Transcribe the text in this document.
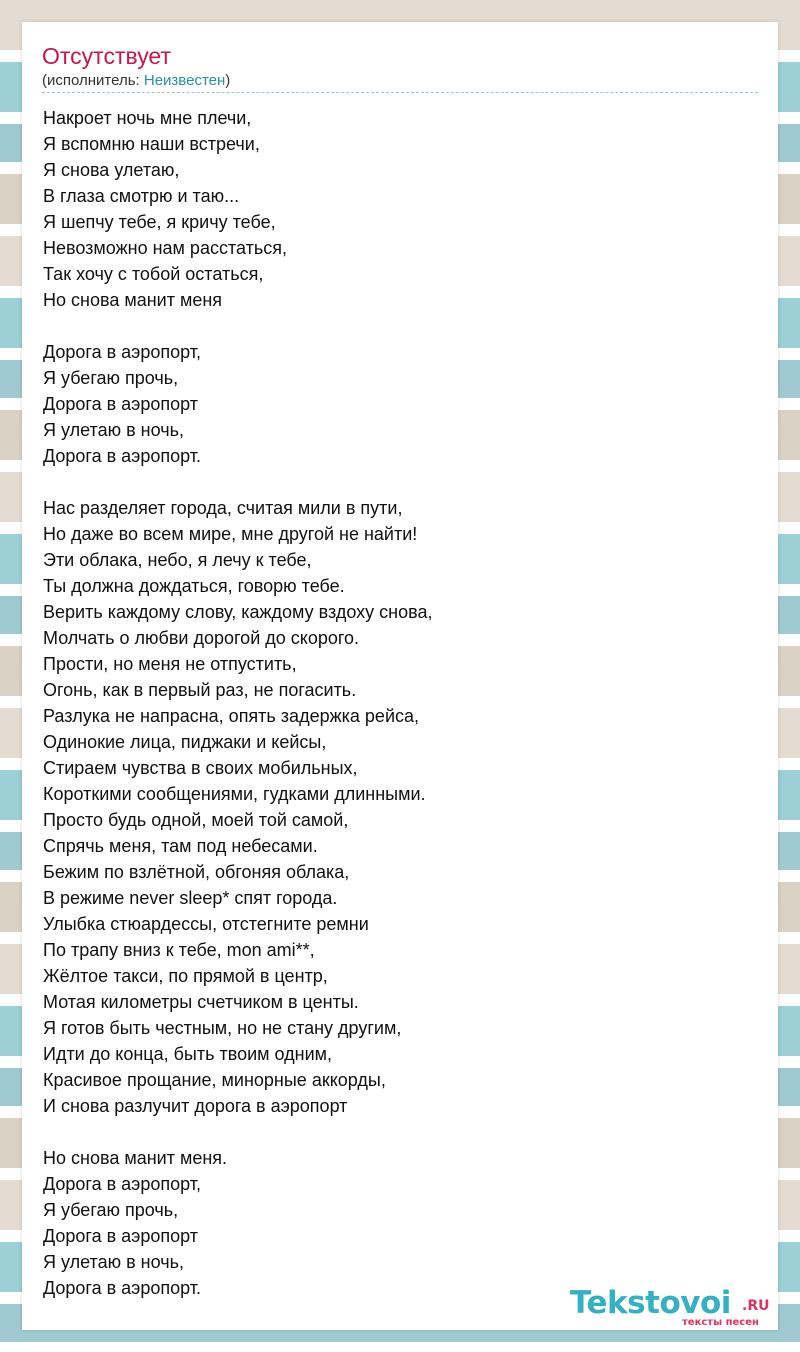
Отсутствует
(исполнитель: Неизвестен)
Накроет ночь мне плечи,
Я вспомню наши встречи,
Я снова улетаю,
В глаза смотрю и таю...
Я шепчу тебе, я кричу тебе,
Невозможно нам расстаться,
Так хочу с тобой остаться,
Но снова манит меня
Дорога в аэропорт,
Я убегаю прочь,
Дорога в аэропорт
Я улетаю в ночь,
Дорога в аэропорт.
Нас разделяет города, считая мили в пути,
Но даже во всем мире, мне другой не найти!
Эти облака, небо, я лечу к тебе,
Ты должна дождаться, говорю тебе.
Верить каждому слову, каждому вздоху снова,
Молчать о любви дорогой до скорого.
Прости, но меня не отпустить,
Огонь, как в первый раз, не погасить.
Разлука не напрасна, опять задержка рейса,
Одинокие лица, пиджаки и кейсы,
Стираем чувства в своих мобильных,
Короткими сообщениями, гудками длинными.
Просто будь одной, моей той самой,
Спрячь меня, там под небесами.
Бежим по взлётной, обгоняя облака,
В режиме never sleep* спят города.
Улыбка стюардессы, отстегните ремни
По трапу вниз к тебе, mon ami**,
Жёлтое такси, по прямой в центр,
Мотая километры счетчиком в центы.
Я готов быть честным, но не стану другим,
Идти до конца, быть твоим одним,
Красивое прощание, минорные аккорды,
И снова разлучит дорога в аэропорт
Но снова манит меня.
Дорога в аэропорт,
Я убегаю прочь,
Дорога в аэропорт
Я улетаю в ночь,
Дорога в аэропорт.	Tekstovoi .RU
тексты песен
